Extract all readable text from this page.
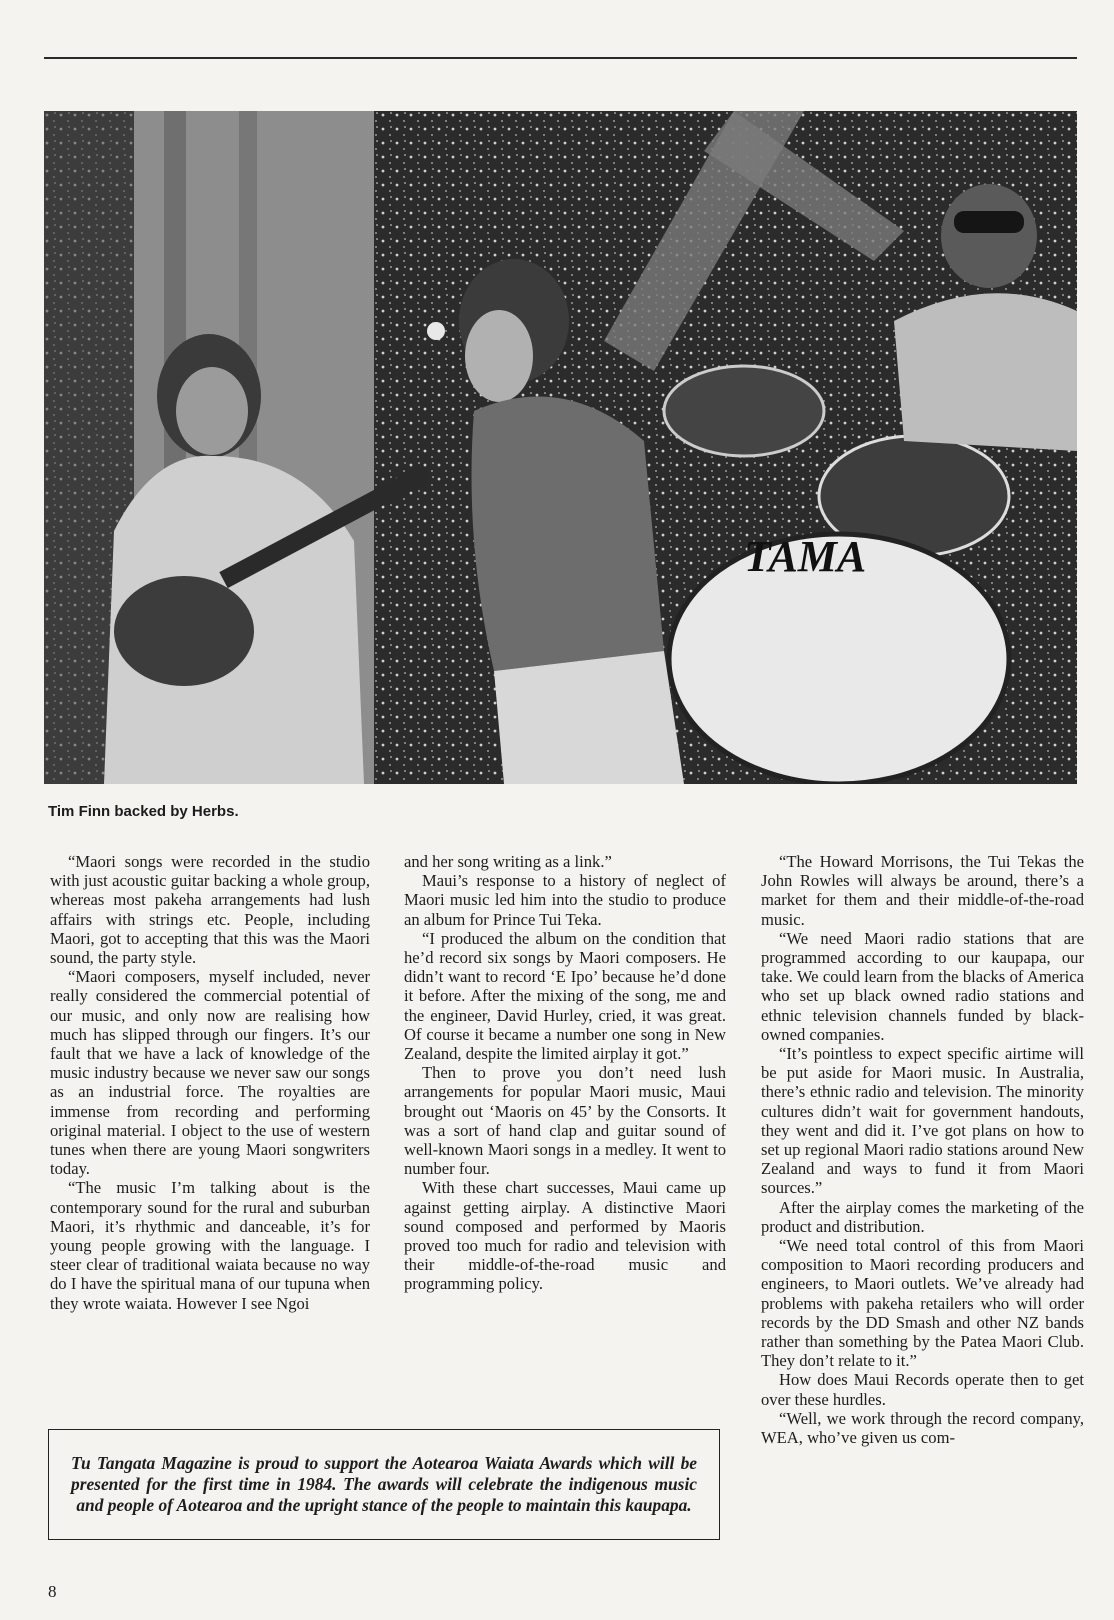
TAMA
Tim Finn backed by Herbs.

“Maori songs were recorded in the studio with just acoustic guitar backing a whole group, whereas most pakeha arrangements had lush affairs with strings etc. People, including Maori, got to accepting that this was the Maori sound, the party style.

“Maori composers, myself included, never really considered the commercial potential of our music, and only now are realising how much has slipped through our fingers. It’s our fault that we have a lack of knowledge of the music industry because we never saw our songs as an industrial force. The royalties are immense from recording and performing original material. I object to the use of western tunes when there are young Maori songwriters today.

“The music I’m talking about is the contemporary sound for the rural and suburban Maori, it’s rhythmic and danceable, it’s for young people growing with the language. I steer clear of traditional waiata because no way do I have the spiritual mana of our tupuna when they wrote waiata. However I see Ngoi

and her song writing as a link.”

Maui’s response to a history of neglect of Maori music led him into the studio to produce an album for Prince Tui Teka.

“I produced the album on the condition that he’d record six songs by Maori composers. He didn’t want to record ‘E Ipo’ because he’d done it before. After the mixing of the song, me and the engineer, David Hurley, cried, it was great. Of course it became a number one song in New Zealand, despite the limited airplay it got.”

Then to prove you don’t need lush arrangements for popular Maori music, Maui brought out ‘Maoris on 45’ by the Consorts. It was a sort of hand clap and guitar sound of well-known Maori songs in a medley. It went to number four.

With these chart successes, Maui came up against getting airplay. A distinctive Maori sound composed and performed by Maoris proved too much for radio and television with their middle-of-the-road music and programming policy.

“The Howard Morrisons, the Tui Tekas the John Rowles will always be around, there’s a market for them and their middle-of-the-road music.

“We need Maori radio stations that are programmed according to our kaupapa, our take. We could learn from the blacks of America who set up black owned radio stations and ethnic television channels funded by black-owned companies.

“It’s pointless to expect specific airtime will be put aside for Maori music. In Australia, there’s ethnic radio and television. The minority cultures didn’t wait for government handouts, they went and did it. I’ve got plans on how to set up regional Maori radio stations around New Zealand and ways to fund it from Maori sources.”

After the airplay comes the marketing of the product and distribution.

“We need total control of this from Maori composition to Maori recording producers and engineers, to Maori outlets. We’ve already had problems with pakeha retailers who will order records by the DD Smash and other NZ bands rather than something by the Patea Maori Club. They don’t relate to it.”

How does Maui Records operate then to get over these hurdles.

“Well, we work through the record company, WEA, who’ve given us com-

Tu Tangata Magazine is proud to support the Aotearoa Waiata Awards which will be presented for the first time in 1984. The awards will celebrate the indigenous music and people of Aotearoa and the upright stance of the people to maintain this kaupapa.

8
